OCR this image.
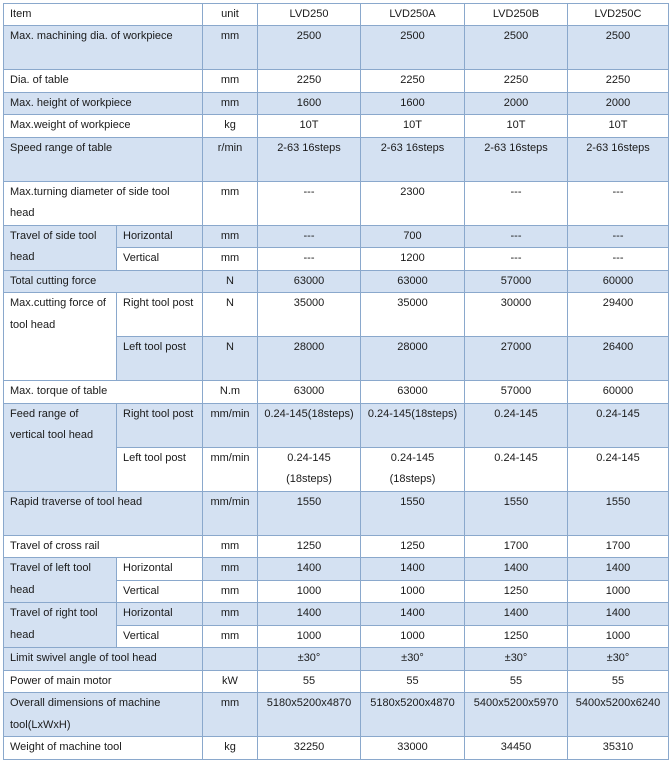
Item		unit	LVD250	LVD250A	LVD250B	LVD250C
Max. machining dia. of workpiece		mm	2500	2500	2500	2500
Dia. of table		mm	2250	2250	2250	2250
Max. height of workpiece		mm	1600	1600	2000	2000
Max.weight of workpiece		kg	10T	10T	10T	10T
Speed range of table		r/min	2-63 16steps	2-63 16steps	2-63 16steps	2-63 16steps
Max.turning diameter of side tool head		mm	---	2300	---	---
Travel of side tool head	Horizontal	mm	---	700	---	---
	Vertical	mm	---	1200	---	---
Total cutting force		N	63000	63000	57000	60000
Max.cutting force of tool head	Right tool post	N	35000	35000	30000	29400
	Left tool post	N	28000	28000	27000	26400
Max. torque of table		N.m	63000	63000	57000	60000
Feed range of vertical tool head	Right tool post	mm/min	0.24-145(18steps)	0.24-145(18steps)	0.24-145	0.24-145
	Left tool post	mm/min	0.24-145 (18steps)	0.24-145 (18steps)	0.24-145	0.24-145
Rapid traverse of tool head		mm/min	1550	1550	1550	1550
Travel of cross rail		mm	1250	1250	1700	1700
Travel of left tool head	Horizontal	mm	1400	1400	1400	1400
	Vertical	mm	1000	1000	1250	1000
Travel of right tool head	Horizontal	mm	1400	1400	1400	1400
	Vertical	mm	1000	1000	1250	1000
Limit swivel angle of tool head			±30°	±30°	±30°	±30°
Power of main motor		kW	55	55	55	55
Overall dimensions of machine tool(LxWxH)		mm	5180x5200x4870	5180x5200x4870	5400x5200x5970	5400x5200x6240
Weight of machine tool		kg	32250	33000	34450	35310
